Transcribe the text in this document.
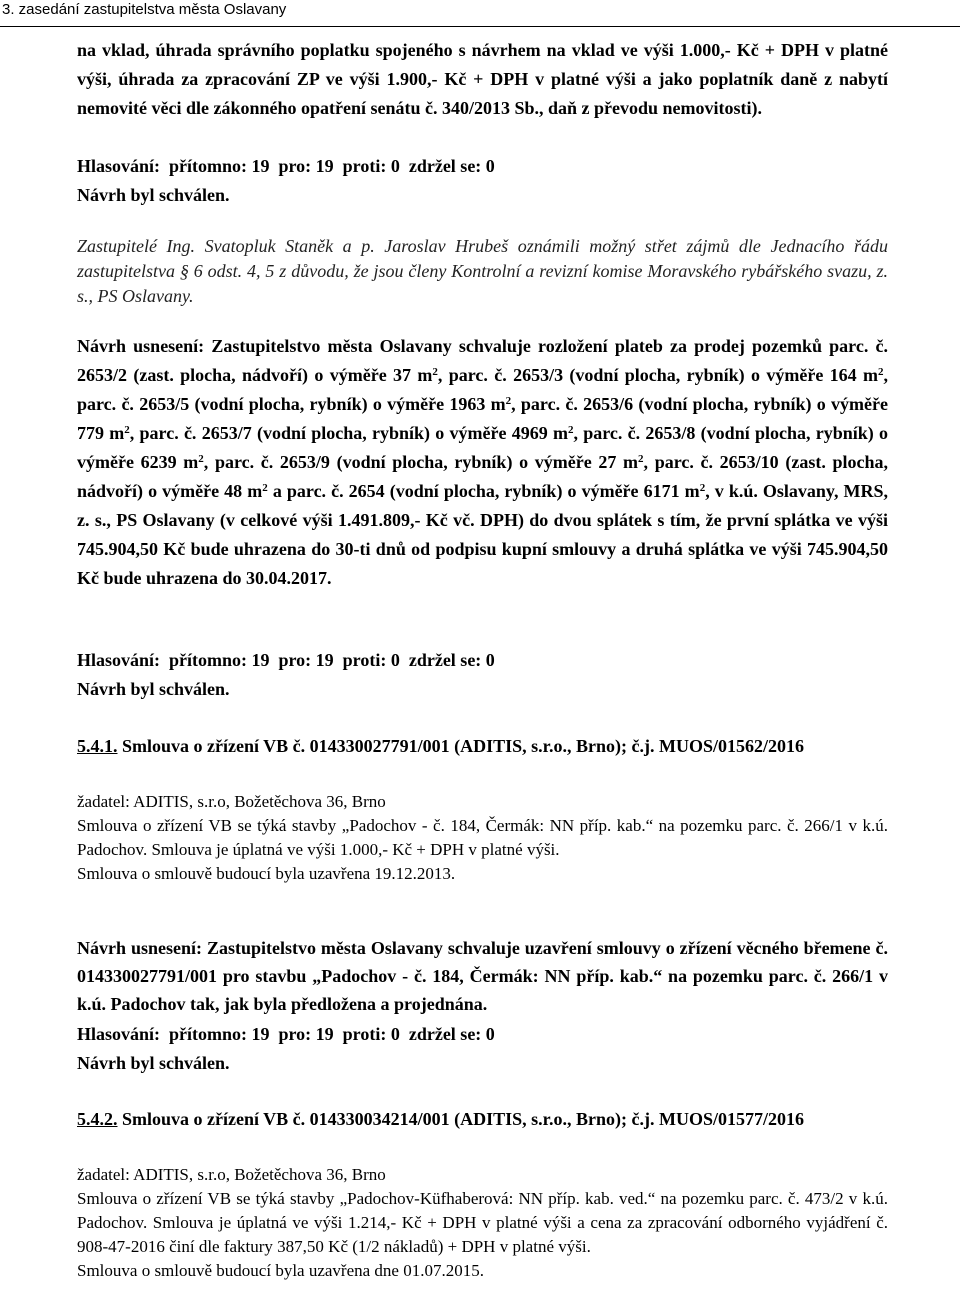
3. zasedání zastupitelstva města Oslavany

na vklad, úhrada správního poplatku spojeného s návrhem na vklad ve výši 1.000,- Kč + DPH v platné výši, úhrada za zpracování ZP ve výši 1.900,- Kč + DPH v platné výši a jako poplatník daně z nabytí nemovité věci dle zákonného opatření senátu č. 340/2013 Sb., daň z převodu nemovitosti).

Hlasování:  přítomno: 19  pro: 19  proti: 0  zdržel se: 0

Návrh byl schválen.

Zastupitelé Ing. Svatopluk Staněk a p. Jaroslav Hrubeš oznámili možný střet zájmů dle Jednacího řádu zastupitelstva § 6 odst. 4, 5 z důvodu, že jsou členy Kontrolní a revizní komise Moravského rybářského svazu, z. s., PS Oslavany.

Návrh usnesení: Zastupitelstvo města Oslavany schvaluje rozložení plateb za prodej pozemků parc. č. 2653/2 (zast. plocha, nádvoří) o výměře 37 $m^2$, parc. č. 2653/3 (vodní plocha, rybník) o výměře 164 $m^2$, parc. č. 2653/5 (vodní plocha, rybník) o výměře 1963 $m^2$, parc. č. 2653/6 (vodní plocha, rybník) o výměře 779 $m^2$, parc. č. 2653/7 (vodní plocha, rybník) o výměře 4969 $m^2$, parc. č. 2653/8 (vodní plocha, rybník) o výměře 6239 $m^2$, parc. č. 2653/9 (vodní plocha, rybník) o výměře 27 $m^2$, parc. č. 2653/10 (zast. plocha, nádvoří) o výměře 48 $m^2$ a parc. č. 2654 (vodní plocha, rybník) o výměře 6171 $m^2$, v k.ú. Oslavany, MRS, z. s., PS Oslavany (v celkové výši 1.491.809,- Kč vč. DPH) do dvou splátek s tím, že první splátka ve výši 745.904,50 Kč bude uhrazena do 30-ti dnů od podpisu kupní smlouvy a druhá splátka ve výši 745.904,50 Kč bude uhrazena do 30.04.2017.

Hlasování:  přítomno: 19  pro: 19  proti: 0  zdržel se: 0

Návrh byl schválen.

5.4.1. Smlouva o zřízení VB č. 014330027791/001 (ADITIS, s.r.o., Brno); č.j. MUOS/01562/2016

žadatel: ADITIS, s.r.o, Božetěchova 36, Brno

Smlouva o zřízení VB se týká stavby „Padochov - č. 184, Čermák: NN příp. kab.“ na pozemku parc. č. 266/1 v k.ú. Padochov. Smlouva je úplatná ve výši 1.000,- Kč + DPH v platné výši.

Smlouva o smlouvě budoucí byla uzavřena 19.12.2013.

Návrh usnesení: Zastupitelstvo města Oslavany schvaluje uzavření smlouvy o zřízení věcného břemene č. 014330027791/001 pro stavbu „Padochov - č. 184, Čermák: NN příp. kab.“ na pozemku parc. č. 266/1 v k.ú. Padochov tak, jak byla předložena a projednána.

Hlasování:  přítomno: 19  pro: 19  proti: 0  zdržel se: 0

Návrh byl schválen.

5.4.2. Smlouva o zřízení VB č. 014330034214/001 (ADITIS, s.r.o., Brno); č.j. MUOS/01577/2016

žadatel: ADITIS, s.r.o, Božetěchova 36, Brno

Smlouva o zřízení VB se týká stavby „Padochov-Küfhaberová: NN příp. kab. ved.“ na pozemku parc. č. 473/2 v k.ú. Padochov. Smlouva je úplatná ve výši 1.214,- Kč + DPH v platné výši a cena za zpracování odborného vyjádření č. 908-47-2016 činí dle faktury 387,50 Kč (1/2 nákladů) + DPH v platné výši.

Smlouva o smlouvě budoucí byla uzavřena dne 01.07.2015.
